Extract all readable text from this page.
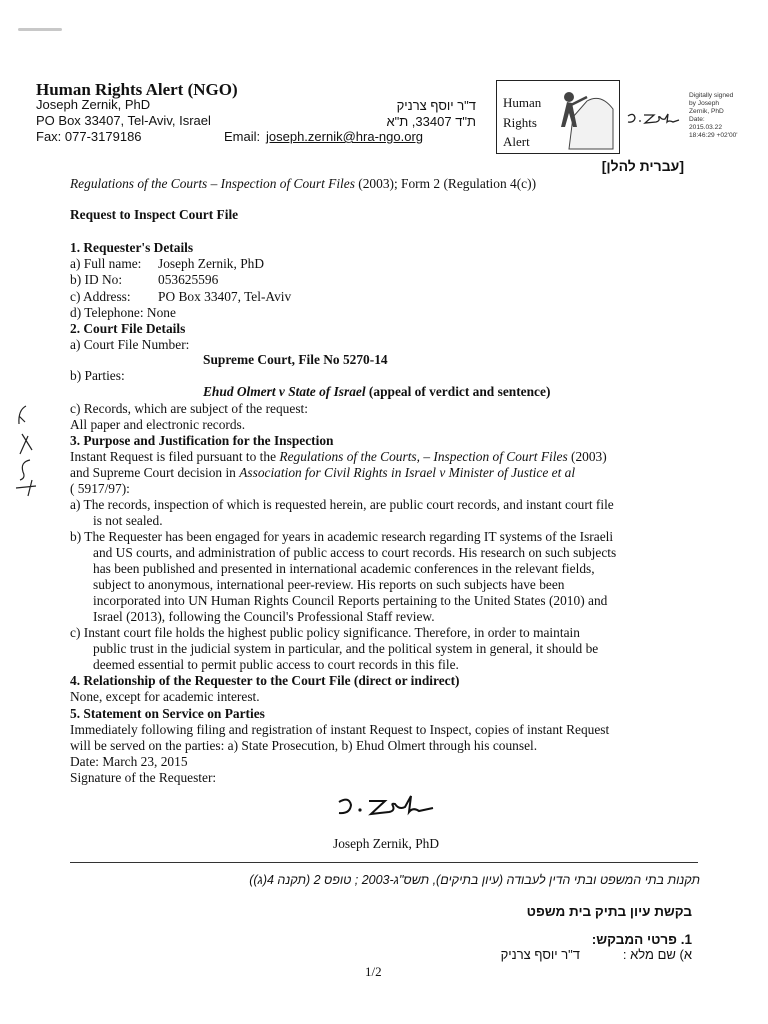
Human Rights Alert (NGO)
Joseph Zernik, PhD
PO Box 33407, Tel-Aviv, Israel
Fax: 077-3179186	Email: joseph.zernik@hra-ngo.org
ד"ר יוסף צרניק
ת"ד 33407, ת"א
Human
Rights
Alert
Digitally signed
by Joseph
Zernik, PhD
Date:
2015.03.22
18:46:29 +02'00'
[עברית להלן]
Regulations of the Courts – Inspection of Court Files (2003); Form 2 (Regulation 4(c))
Request to Inspect Court File
1. Requester's Details
a) Full name: Joseph Zernik, PhD
b) ID No:	053625596
c) Address: PO Box 33407, Tel-Aviv
d) Telephone: None
2. Court File Details
a) Court File Number:
Supreme Court, File No 5270-14
b) Parties:
Ehud Olmert v State of Israel (appeal of verdict and sentence)
c) Records, which are subject of the request:
All paper and electronic records.
3. Purpose and Justification for the Inspection
Instant Request is filed pursuant to the Regulations of the Courts, – Inspection of Court Files (2003)
and Supreme Court decision in Association for Civil Rights in Israel v Minister of Justice et al
( 5917/97):
a) The records, inspection of which is requested herein, are public court records, and instant court file
is not sealed.
b) The Requester has been engaged for years in academic research regarding IT systems of the Israeli
and US courts, and administration of public access to court records. His research on such subjects
has been published and presented in international academic conferences in the relevant fields,
subject to anonymous, international peer-review. His reports on such subjects have been
incorporated into UN Human Rights Council Reports pertaining to the United States (2010) and
Israel (2013), following the Council's Professional Staff review.
c) Instant court file holds the highest public policy significance. Therefore, in order to maintain
public trust in the judicial system in particular, and the political system in general, it should be
deemed essential to permit public access to court records in this file.
4. Relationship of the Requester to the Court File (direct or indirect)
None, except for academic interest.
5. Statement on Service on Parties
Immediately following filing and registration of instant Request to Inspect, copies of instant Request
will be served on the parties: a) State Prosecution, b) Ehud Olmert through his counsel.
Date: March 23, 2015
Signature of the Requester:
Joseph Zernik, PhD
תקנות בתי המשפט ובתי הדין לעבודה (עיון בתיקים), תשס"ג-2003 ; טופס 2 (תקנה 4(ג))
בקשת עיון בתיק בית משפט
1. פרטי המבקש:
א) שם מלא :
ד"ר יוסף צרניק
1/2
